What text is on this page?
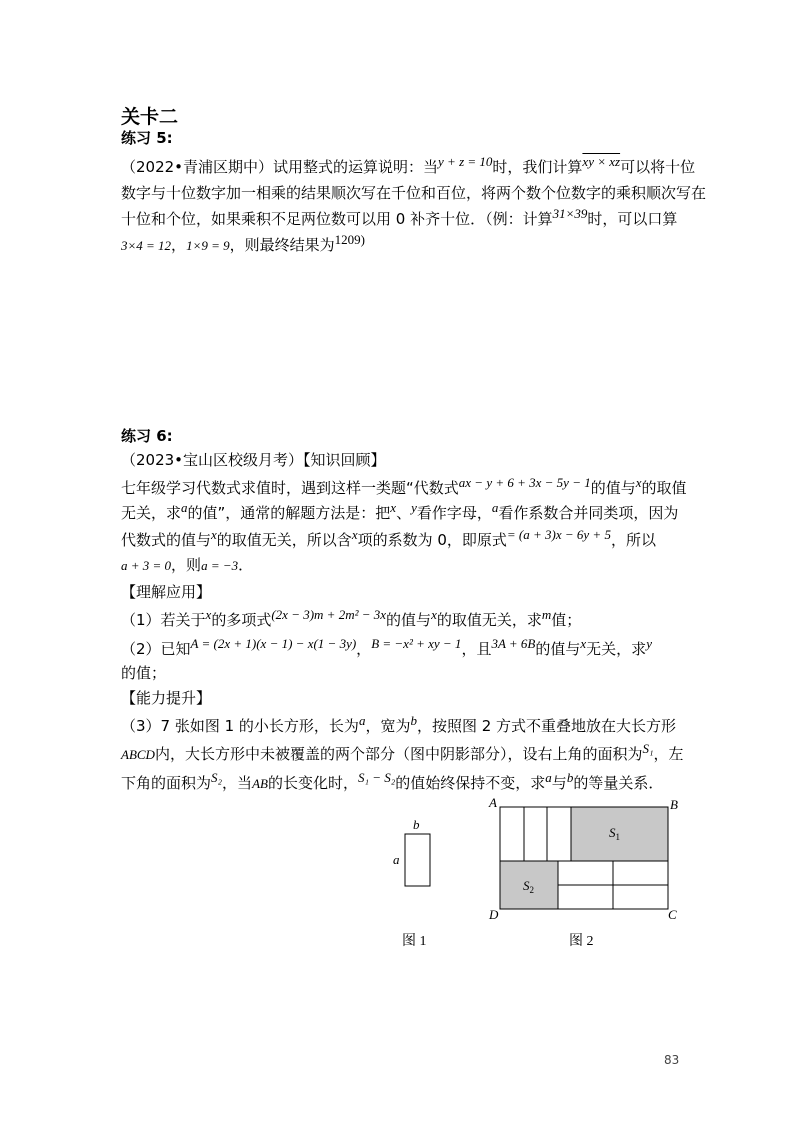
关卡二
练习 5:
（2022•青浦区期中）试用整式的运算说明：当y + z = 10时，我们计算xy × xz可以将十位
数字与十位数字加一相乘的结果顺次写在千位和百位，将两个数个位数字的乘积顺次写在
十位和个位，如果乘积不足两位数可以用 0 补齐十位．（例：计算31×39时，可以口算
3×4 = 12，1×9 = 9，则最终结果为1209)
练习 6:
（2023•宝山区校级月考）【知识回顾】
七年级学习代数式求值时，遇到这样一类题“代数式ax − y + 6 + 3x − 5y − 1的值与x的取值
无关，求a的值”，通常的解题方法是：把x、y看作字母，a看作系数合并同类项，因为
代数式的值与x的取值无关，所以含x项的系数为 0，即原式= (a + 3)x − 6y + 5，所以
a + 3 = 0，则a = −3．
【理解应用】
（1）若关于x的多项式(2x − 3)m + 2m² − 3x的值与x的取值无关，求m值；
（2）已知A = (2x + 1)(x − 1) − x(1 − 3y)，B = −x² + xy − 1，且3A + 6B的值与x无关，求y
的值；
【能力提升】
（3）7 张如图 1 的小长方形，长为a，宽为b，按照图 2 方式不重叠地放在大长方形
ABCD内，大长方形中未被覆盖的两个部分（图中阴影部分），设右上角的面积为S₁，左
下角的面积为S₂，当AB的长变化时，S₁ − S₂的值始终保持不变，求a与b的等量关系．
b
a
图 1
A	B
C
D
$S_1$
$S_2$
图 2
83
